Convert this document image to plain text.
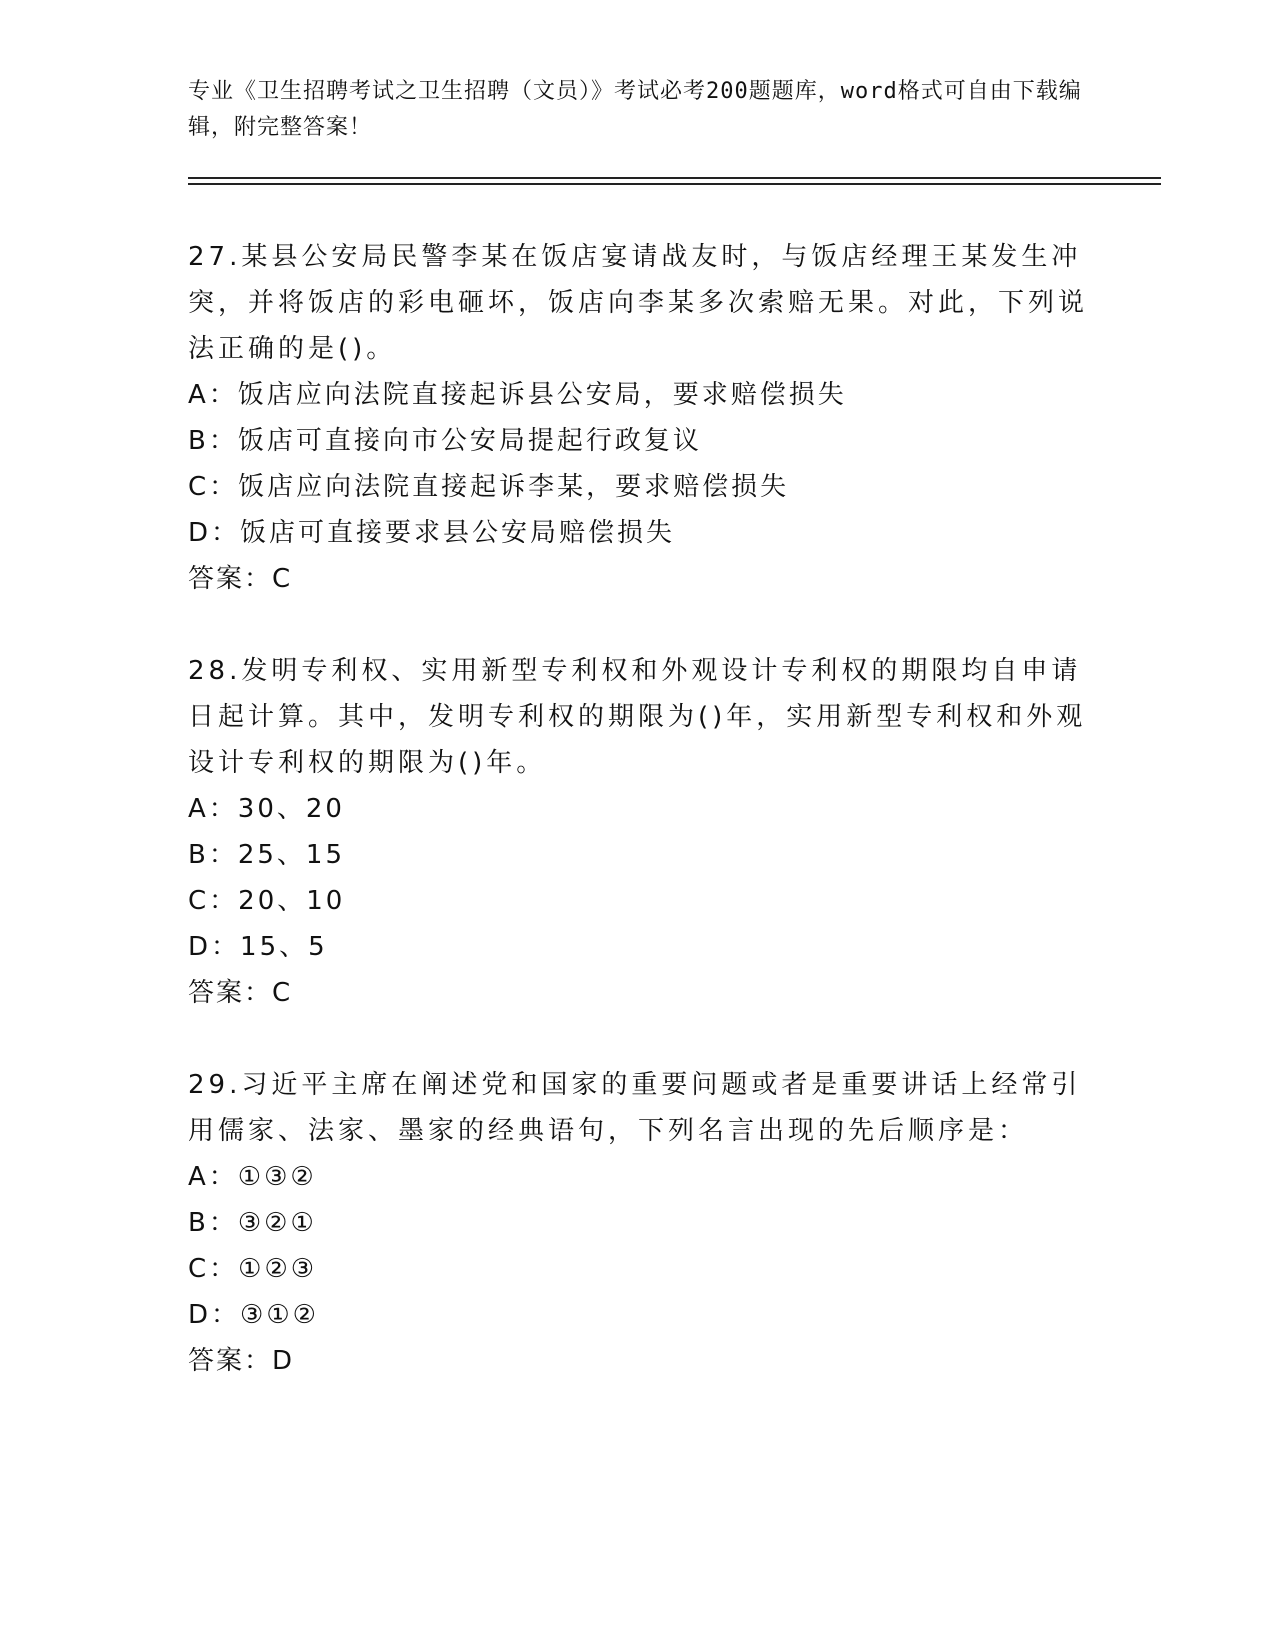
专业《卫生招聘考试之卫生招聘（文员）》考试必考200题题库，word格式可自由下载编辑，附完整答案！
27.某县公安局民警李某在饭店宴请战友时，与饭店经理王某发生冲突，并将饭店的彩电砸坏，饭店向李某多次索赔无果。对此，下列说法正确的是()。
A：饭店应向法院直接起诉县公安局，要求赔偿损失
B：饭店可直接向市公安局提起行政复议
C：饭店应向法院直接起诉李某，要求赔偿损失
D：饭店可直接要求县公安局赔偿损失
答案：C
28.发明专利权、实用新型专利权和外观设计专利权的期限均自申请日起计算。其中，发明专利权的期限为()年，实用新型专利权和外观设计专利权的期限为()年。
A：30、20
B：25、15
C：20、10
D：15、5
答案：C
29.习近平主席在阐述党和国家的重要问题或者是重要讲话上经常引用儒家、法家、墨家的经典语句，下列名言出现的先后顺序是：
A：①③②
B：③②①
C：①②③
D：③①②
答案：D
